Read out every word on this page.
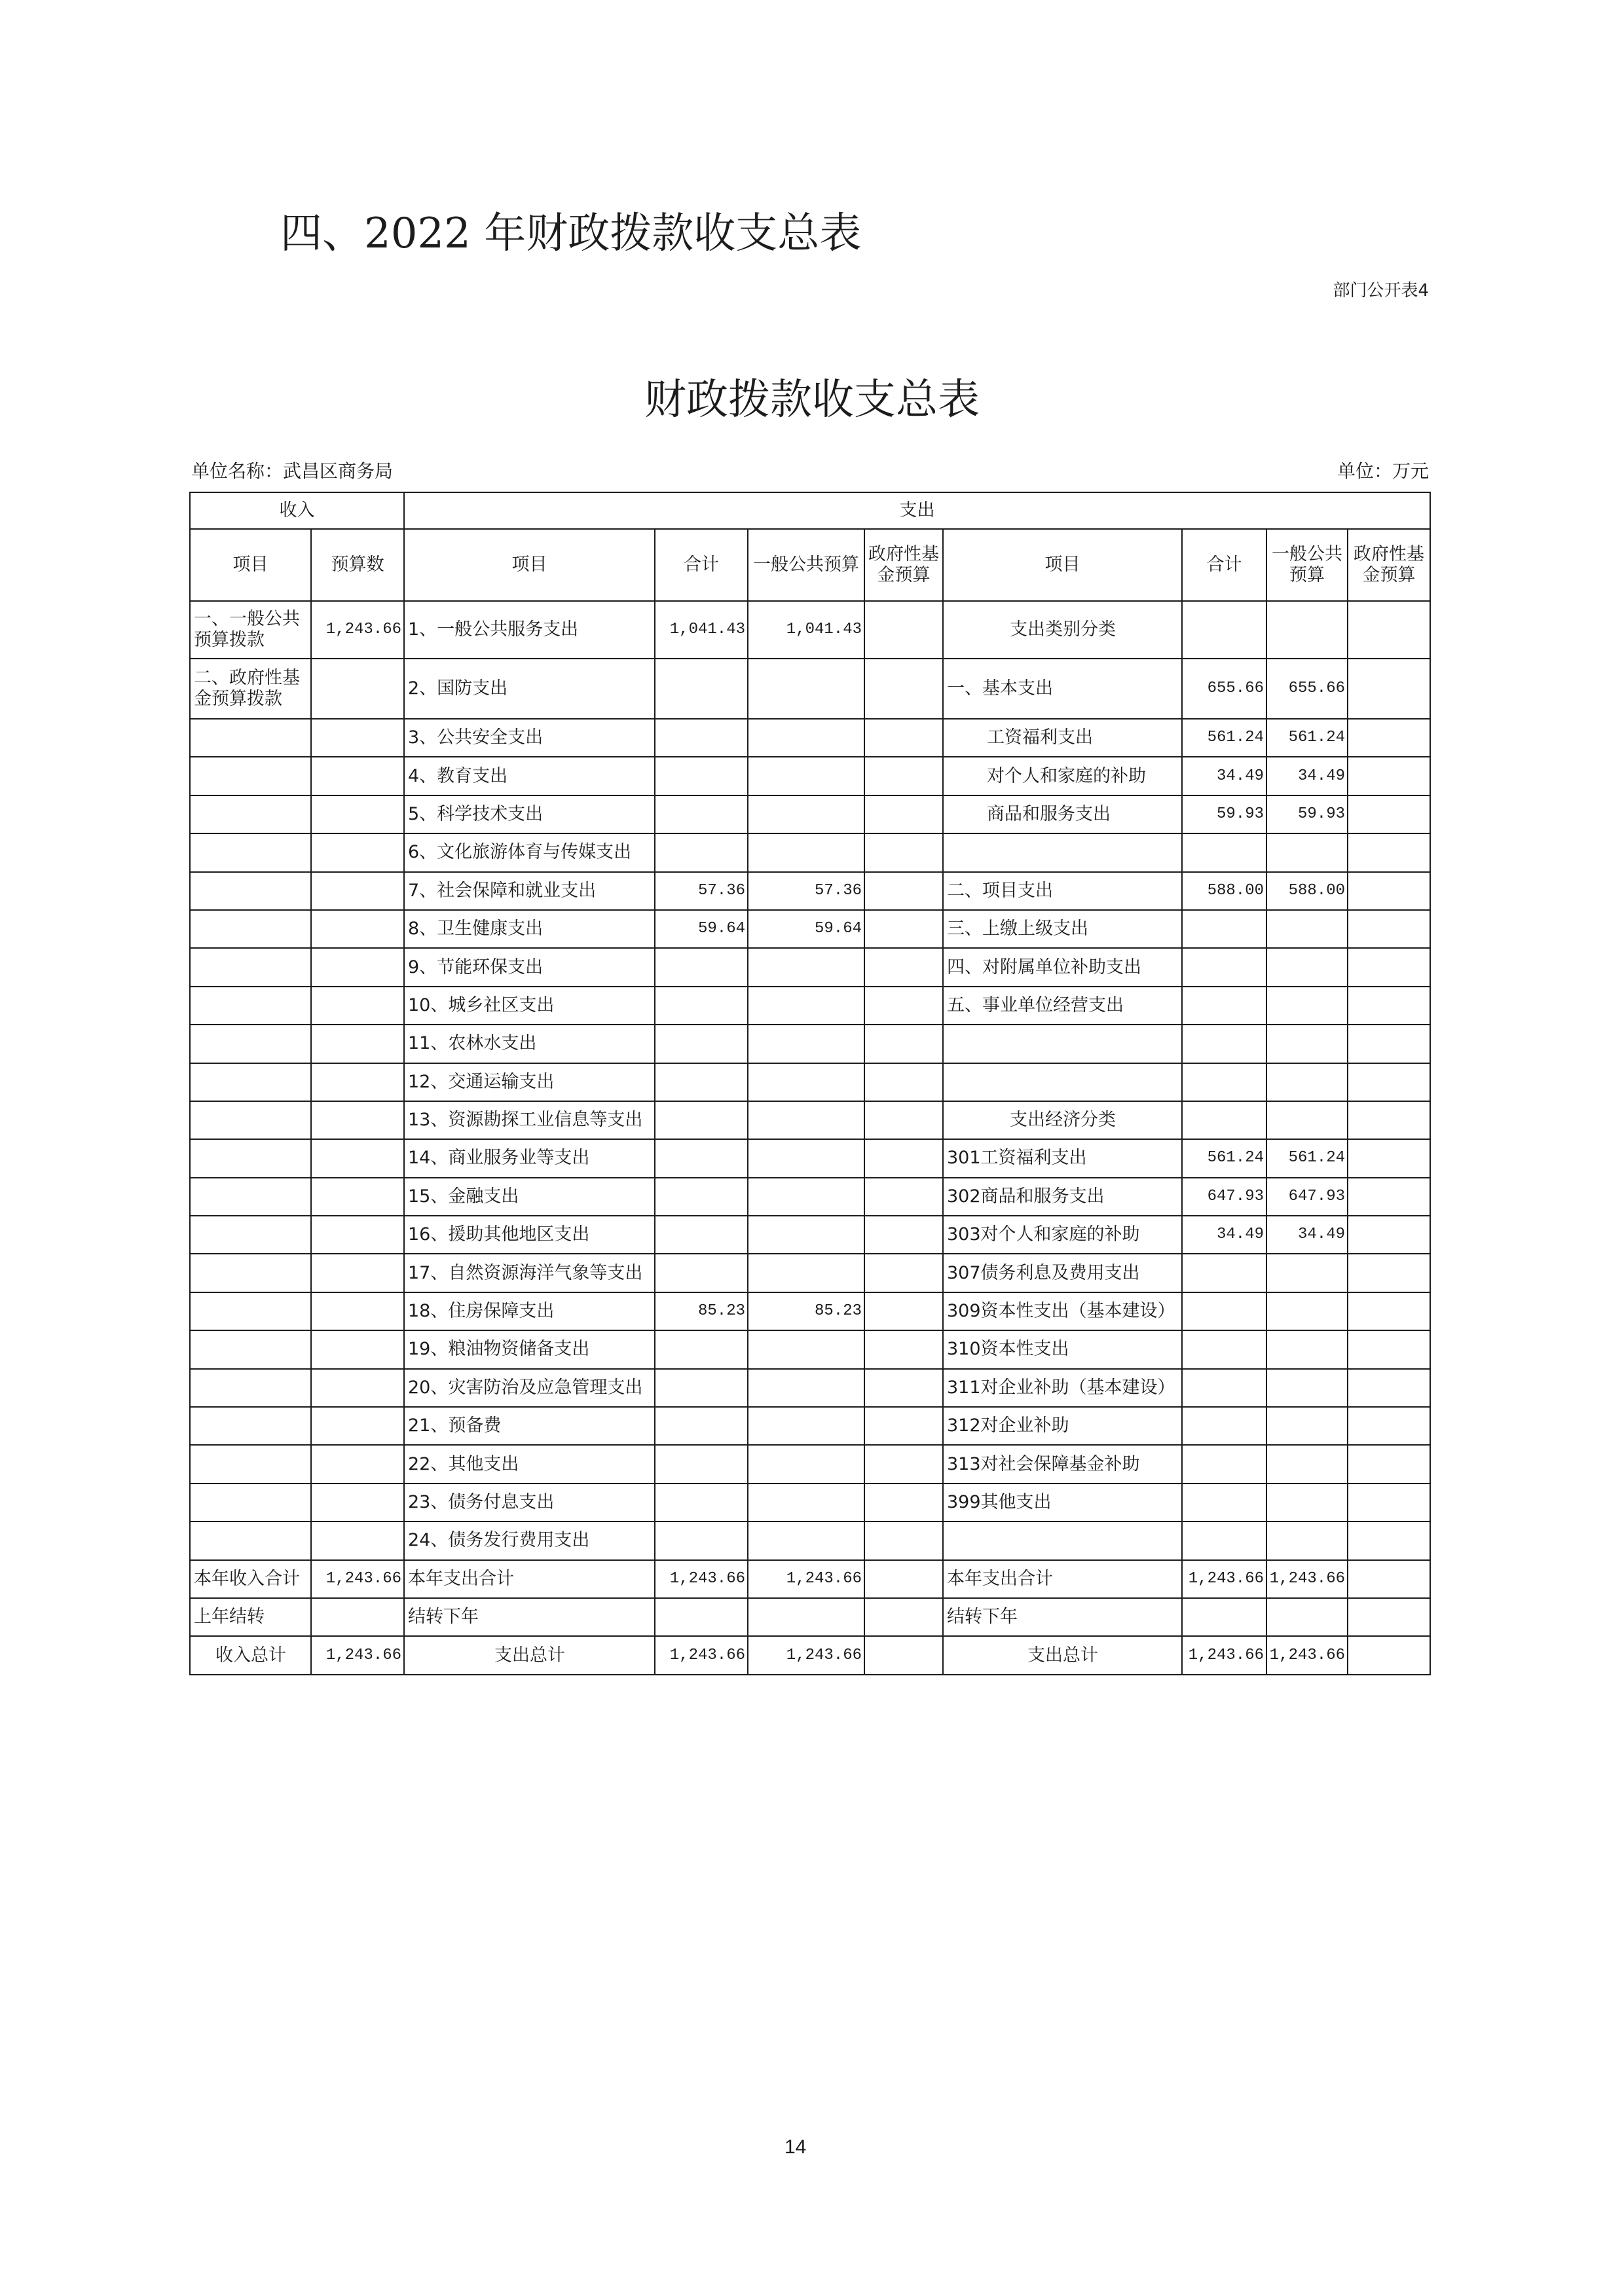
四、2022 年财政拨款收支总表
部门公开表4
财政拨款收支总表
单位名称：武昌区商务局	单位：万元
收入		支出							
项目	预算数	项目	合计	一般公共预算	政府性基金预算	项目	合计	一般公共预算	政府性基金预算
一、一般公共预算拨款	1,243.66	1、一般公共服务支出	1,041.43	1,041.43		支出类别分类			
二、政府性基金预算拨款		2、国防支出				一、基本支出	655.66	655.66	
		3、公共安全支出				工资福利支出	561.24	561.24	
		4、教育支出				对个人和家庭的补助	34.49	34.49	
		5、科学技术支出				商品和服务支出	59.93	59.93	
		6、文化旅游体育与传媒支出							
		7、社会保障和就业支出	57.36	57.36		二、项目支出	588.00	588.00	
		8、卫生健康支出	59.64	59.64		三、上缴上级支出			
		9、节能环保支出				四、对附属单位补助支出			
		10、城乡社区支出				五、事业单位经营支出			
		11、农林水支出							
		12、交通运输支出							
		13、资源勘探工业信息等支出				支出经济分类			
		14、商业服务业等支出				301工资福利支出	561.24	561.24	
		15、金融支出				302商品和服务支出	647.93	647.93	
		16、援助其他地区支出				303对个人和家庭的补助	34.49	34.49	
		17、自然资源海洋气象等支出				307债务利息及费用支出			
		18、住房保障支出	85.23	85.23		309资本性支出（基本建设）			
		19、粮油物资储备支出				310资本性支出			
		20、灾害防治及应急管理支出				311对企业补助（基本建设）			
		21、预备费				312对企业补助			
		22、其他支出				313对社会保障基金补助			
		23、债务付息支出				399其他支出			
		24、债务发行费用支出							
本年收入合计	1,243.66	本年支出合计	1,243.66	1,243.66		本年支出合计	1,243.66	1,243.66	
上年结转		结转下年				结转下年			
收入总计	1,243.66	支出总计	1,243.66	1,243.66		支出总计	1,243.66	1,243.66	
14
